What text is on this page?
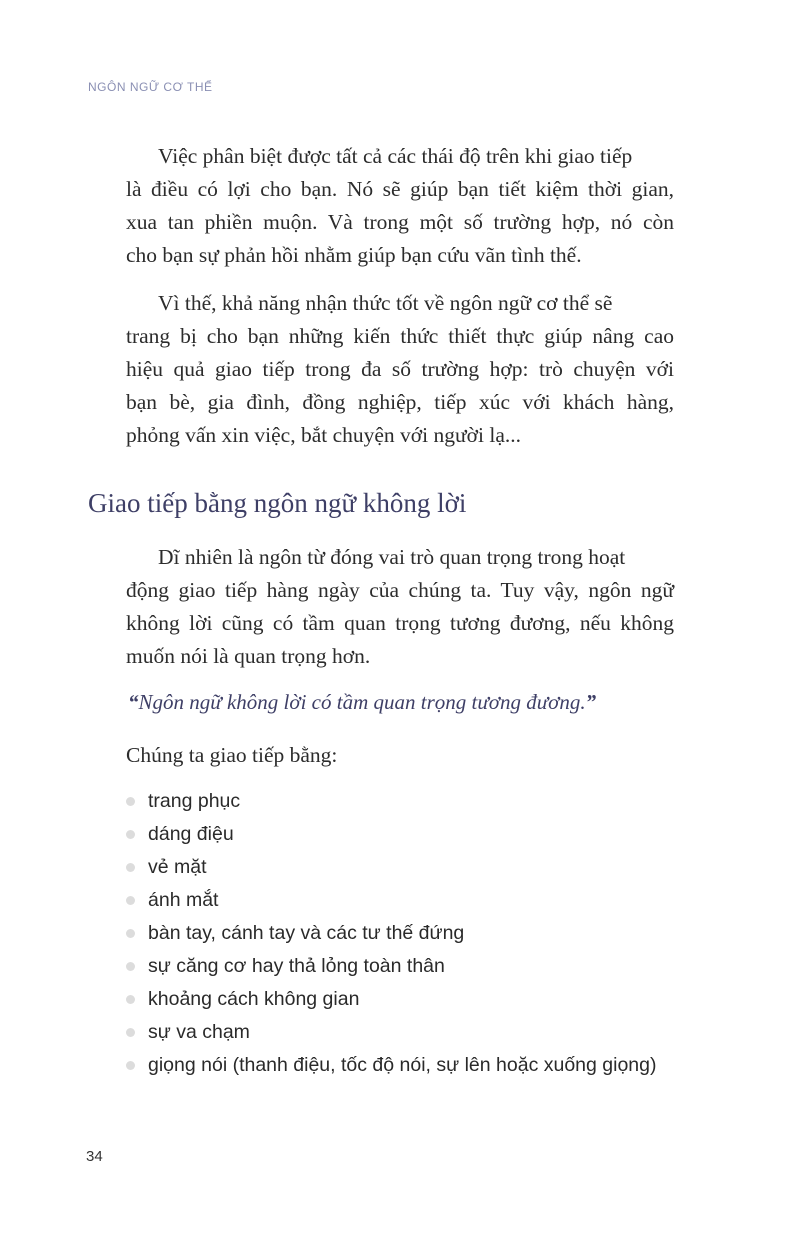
NGÔN NGỮ CƠ THỂ
Việc phân biệt được tất cả các thái độ trên khi giao tiếp
là điều có lợi cho bạn. Nó sẽ giúp bạn tiết kiệm thời gian,
xua tan phiền muộn. Và trong một số trường hợp, nó còn
cho bạn sự phản hồi nhằm giúp bạn cứu vãn tình thế.
Vì thế, khả năng nhận thức tốt về ngôn ngữ cơ thể sẽ
trang bị cho bạn những kiến thức thiết thực giúp nâng cao
hiệu quả giao tiếp trong đa số trường hợp: trò chuyện với
bạn bè, gia đình, đồng nghiệp, tiếp xúc với khách hàng,
phỏng vấn xin việc, bắt chuyện với người lạ...
Giao tiếp bằng ngôn ngữ không lời
Dĩ nhiên là ngôn từ đóng vai trò quan trọng trong hoạt
động giao tiếp hàng ngày của chúng ta. Tuy vậy, ngôn ngữ
không lời cũng có tầm quan trọng tương đương, nếu không
muốn nói là quan trọng hơn.
“Ngôn ngữ không lời có tầm quan trọng tương đương.”
Chúng ta giao tiếp bằng:
trang phục
dáng điệu
vẻ mặt
ánh mắt
bàn tay, cánh tay và các tư thế đứng
sự căng cơ hay thả lỏng toàn thân
khoảng cách không gian
sự va chạm
giọng nói (thanh điệu, tốc độ nói, sự lên hoặc xuống giọng)
34
